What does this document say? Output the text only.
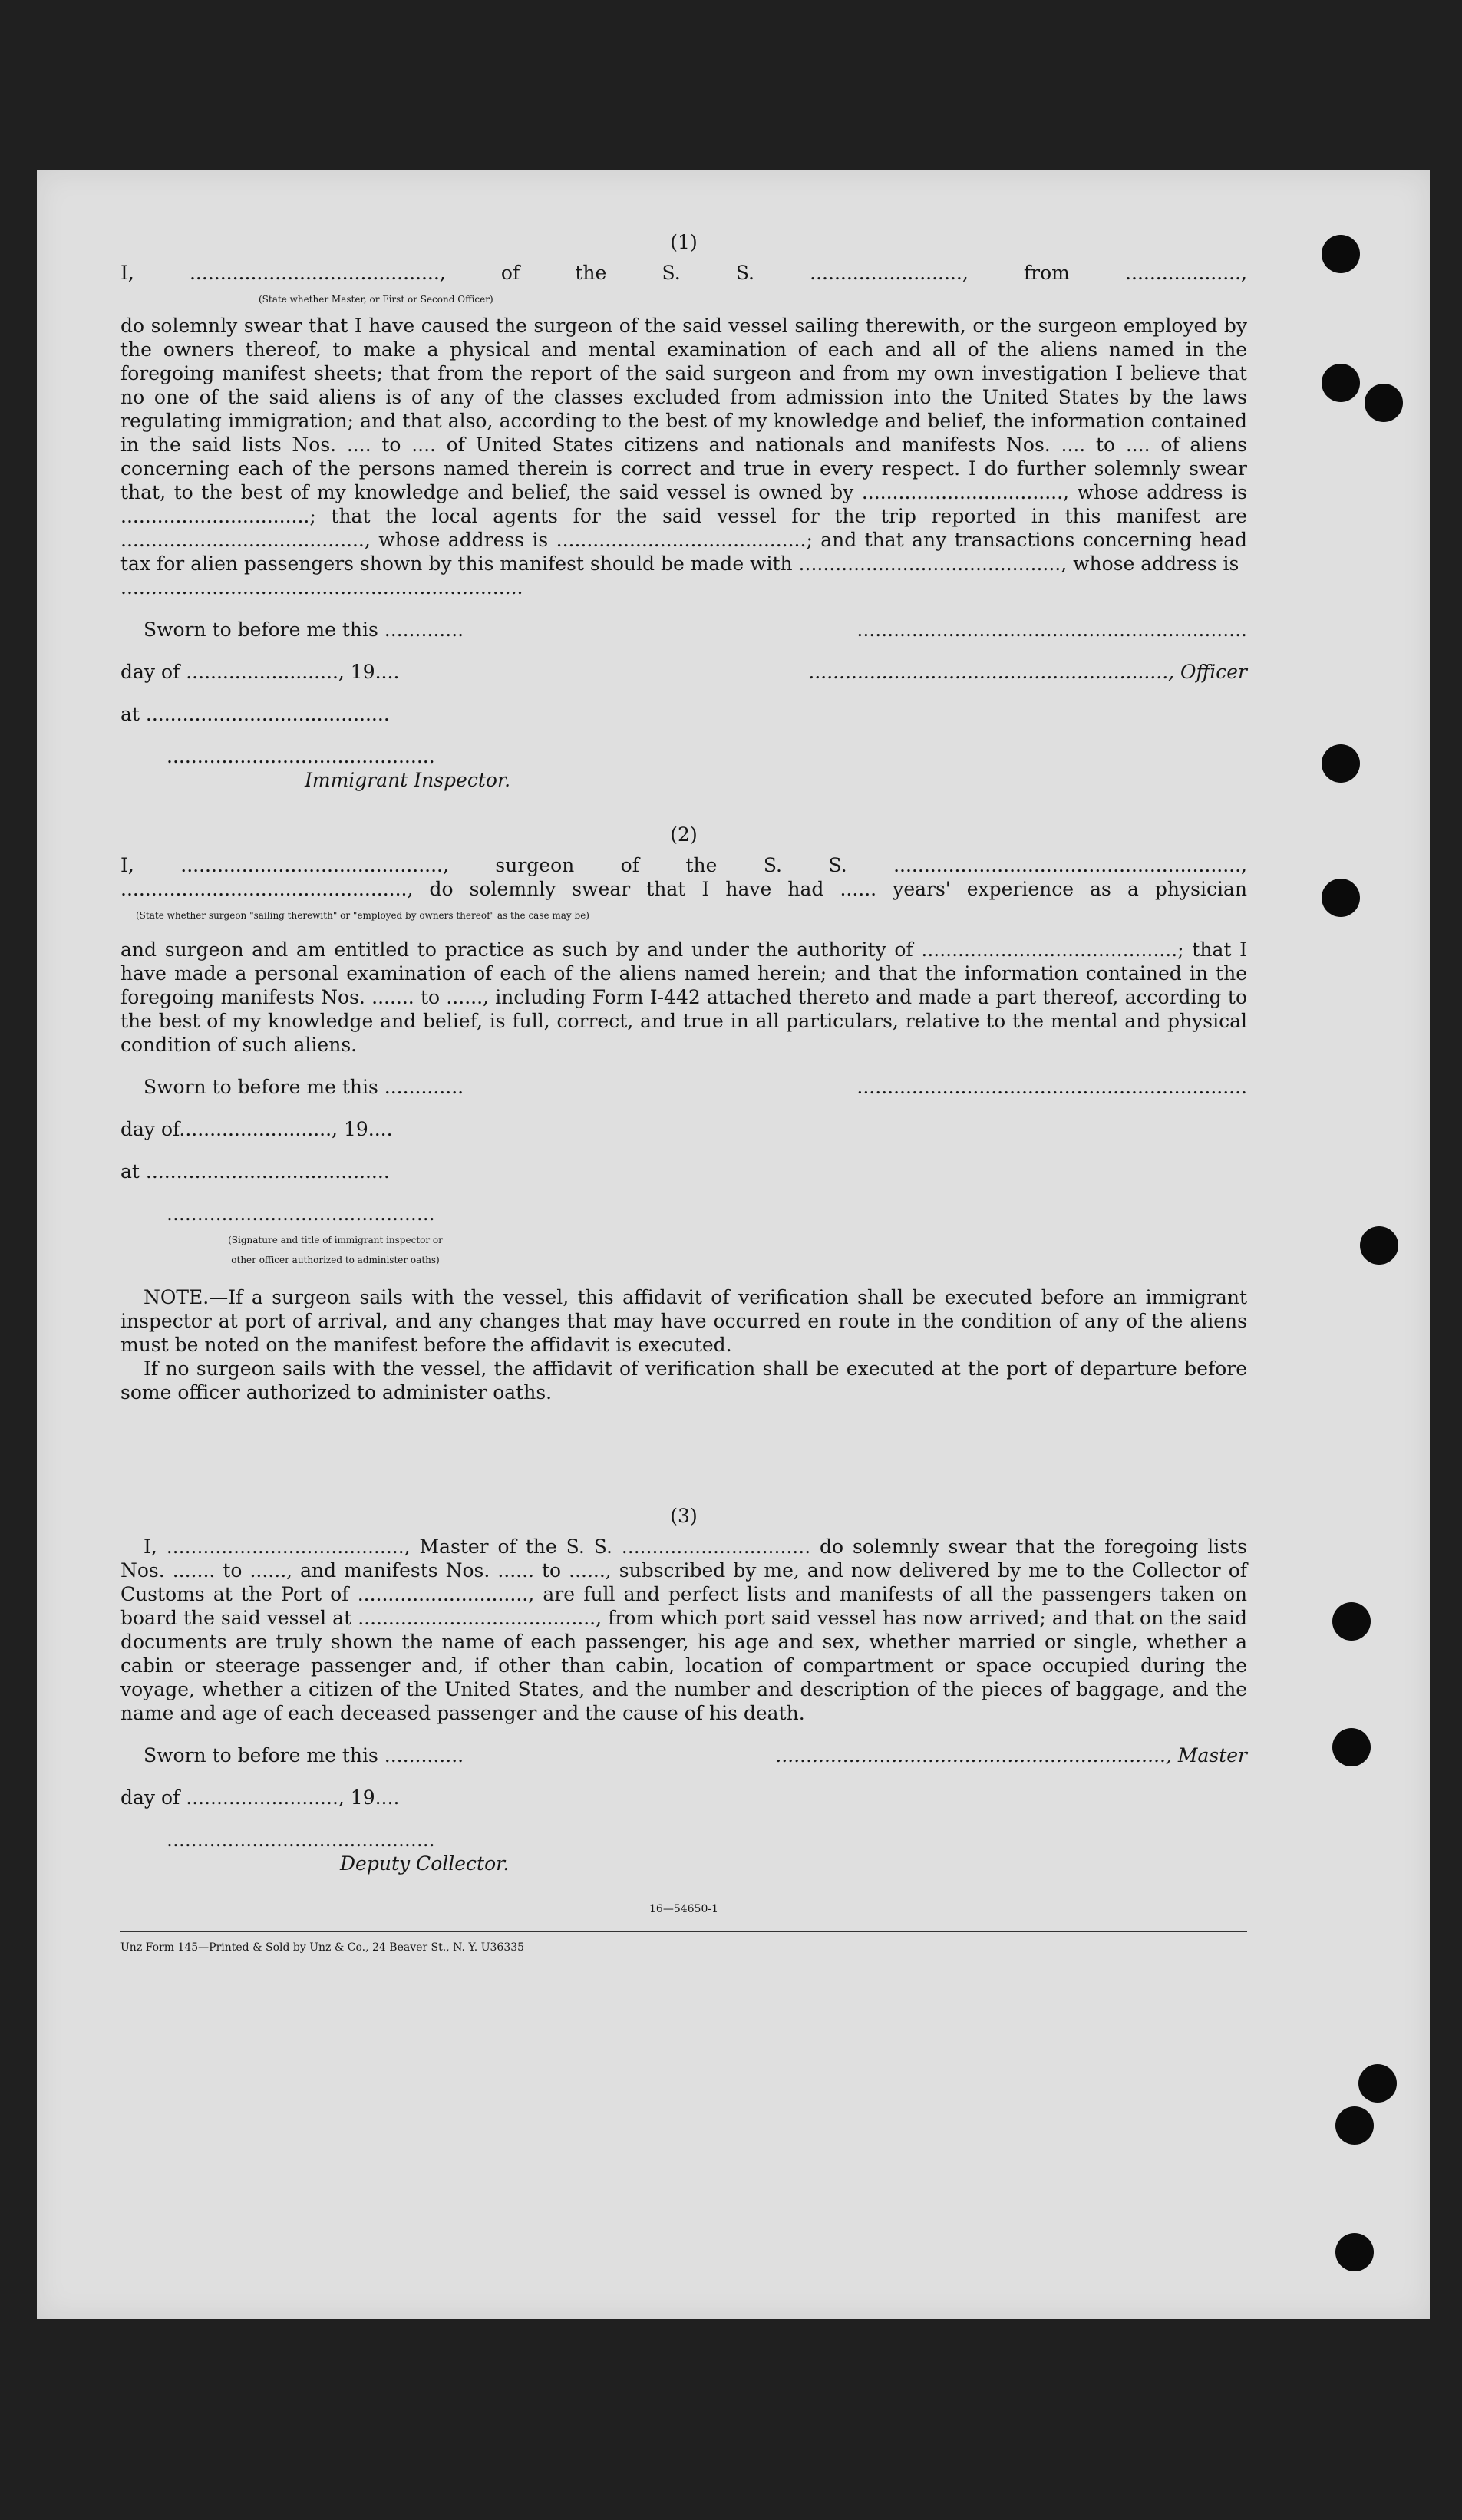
(1)

I, ........................................., of the S. S. ........................., from ...................,

(State whether Master, or First or Second Officer)

do solemnly swear that I have caused the surgeon of the said vessel sailing therewith, or the surgeon employed by the owners thereof, to make a physical and mental examination of each and all of the aliens named in the foregoing manifest sheets; that from the report of the said surgeon and from my own investigation I believe that no one of the said aliens is of any of the classes excluded from admission into the United States by the laws regulating immigration; and that also, according to the best of my knowledge and belief, the information contained in the said lists Nos. .... to .... of United States citizens and nationals and manifests Nos. .... to .... of aliens concerning each of the persons named therein is correct and true in every respect. I do further solemnly swear that, to the best of my knowledge and belief, the said vessel is owned by ................................., whose address is ...............................; that the local agents for the said vessel for the trip reported in this manifest are ........................................, whose address is .........................................; and that any transactions concerning head tax for alien passengers shown by this manifest should be made with ..........................................., whose address is

..................................................................

Sworn to before me this .............	................................................................
day of ........................., 19....	..........................................................., Officer

at ........................................

............................................

Immigrant Inspector.

(2)

I, ..........................................., surgeon of the S. S. .........................................................,

..............................................., do solemnly swear that I have had ...... years' experience as a physician

(State whether surgeon "sailing therewith" or "employed by owners thereof" as the case may be)

and surgeon and am entitled to practice as such by and under the authority of ..........................................; that I have made a personal examination of each of the aliens named herein; and that the information contained in the foregoing manifests Nos. ....... to ......, including Form I-442 attached thereto and made a part thereof, according to the best of my knowledge and belief, is full, correct, and true in all particulars, relative to the mental and physical condition of such aliens.

Sworn to before me this .............	................................................................

day of........................., 19....

at ........................................

............................................

(Signature and title of immigrant inspector or

other officer authorized to administer oaths)

NOTE.—If a surgeon sails with the vessel, this affidavit of verification shall be executed before an immigrant inspector at port of arrival, and any changes that may have occurred en route in the condition of any of the aliens must be noted on the manifest before the affidavit is executed.

If no surgeon sails with the vessel, the affidavit of verification shall be executed at the port of departure before some officer authorized to administer oaths.

(3)

I, ......................................., Master of the S. S. ............................... do solemnly swear that the foregoing lists Nos. ....... to ......, and manifests Nos. ...... to ......, subscribed by me, and now delivered by me to the Collector of Customs at the Port of ............................, are full and perfect lists and manifests of all the passengers taken on board the said vessel at ......................................., from which port said vessel has now arrived; and that on the said documents are truly shown the name of each passenger, his age and sex, whether married or single, whether a cabin or steerage passenger and, if other than cabin, location of compartment or space occupied during the voyage, whether a citizen of the United States, and the number and description of the pieces of baggage, and the name and age of each deceased passenger and the cause of his death.

Sworn to before me this .............	................................................................, Master

day of ........................., 19....

............................................

Deputy Collector.

16—54650-1

Unz Form 145—Printed & Sold by Unz & Co., 24 Beaver St., N. Y. U36335
